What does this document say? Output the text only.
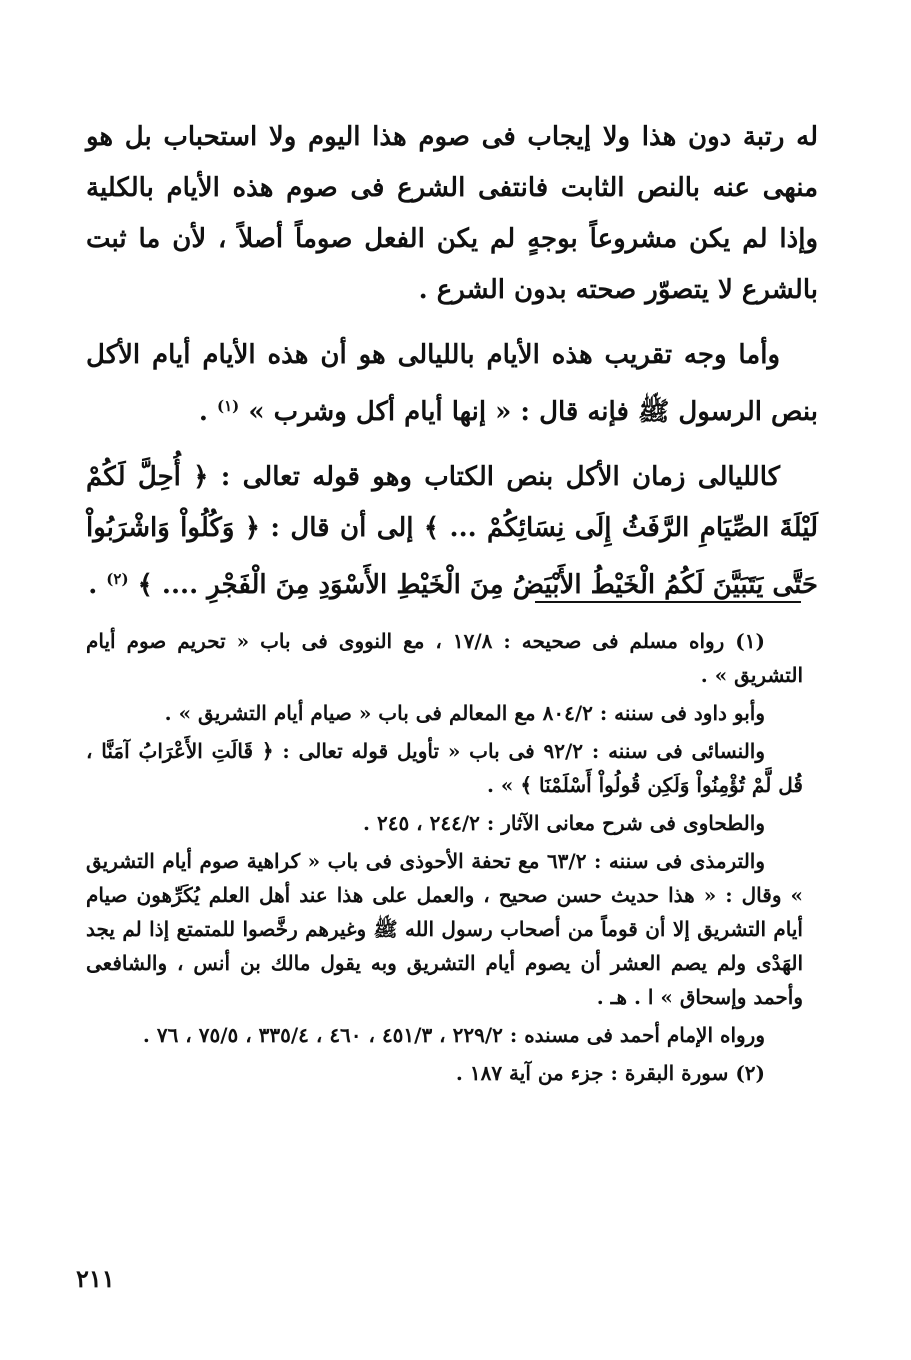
له رتبة دون هذا ولا إيجاب فى صوم هذا اليوم ولا استحباب بل هو منهى عنه بالنص الثابت فانتفى الشرع فى صوم هذه الأيام بالكلية وإذا لم يكن مشروعاً بوجهٍ لم يكن الفعل صوماً أصلاً ، لأن ما ثبت بالشرع لا يتصوّر صحته بدون الشرع .

وأما وجه تقريب هذه الأيام بالليالى هو أن هذه الأيام أيام الأكل بنص الرسول ﷺ فإنه قال : « إنها أيام أكل وشرب » $^{(١)}$ .

كالليالى زمان الأكل بنص الكتاب وهو قوله تعالى : ﴿ أُحِلَّ لَكُمْ لَيْلَةَ الصِّيَامِ الرَّفَثُ إِلَى نِسَائِكُمْ ... ﴾ إلى أن قال : ﴿ وَكُلُواْ وَاشْرَبُواْ حَتَّى يَتَبَيَّنَ لَكُمُ الْخَيْطُ الأَبْيَضُ مِنَ الْخَيْطِ الأَسْوَدِ مِنَ الْفَجْرِ .... ﴾ $^{(٢)}$ .

(١) رواه مسلم فى صحيحه : ١٧/٨ ، مع النووى فى باب « تحريم صوم أيام التشريق » .

وأبو داود فى سننه : ٨٠٤/٢ مع المعالم فى باب « صيام أيام التشريق » .

والنسائى فى سننه : ٩٢/٢ فى باب « تأويل قوله تعالى : ﴿ قَالَتِ الأَعْرَابُ آمَنَّا ، قُل لَّمْ تُؤْمِنُواْ وَلَكِن قُولُواْ أَسْلَمْنَا ﴾ » .

والطحاوى فى شرح معانى الآثار : ٢٤٤/٢ ، ٢٤٥ .

والترمذى فى سننه : ٦٣/٢ مع تحفة الأحوذى فى باب « كراهية صوم أيام التشريق » وقال : « هذا حديث حسن صحيح ، والعمل على هذا عند أهل العلم يُكَرِّهون صيام أيام التشريق إلا أن قوماً من أصحاب رسول الله ﷺ وغيرهم رخَّصوا للمتمتع إذا لم يجد الهَدْى ولم يصم العشر أن يصوم أيام التشريق وبه يقول مالك بن أنس ، والشافعى وأحمد وإسحاق » ا . هـ .

ورواه الإمام أحمد فى مسنده : ٢٢٩/٢ ، ٤٥١/٣ ، ٤٦٠ ، ٣٣٥/٤ ، ٧٥/٥ ، ٧٦ .

(٢) سورة البقرة : جزء من آية ١٨٧ .

٢١١
